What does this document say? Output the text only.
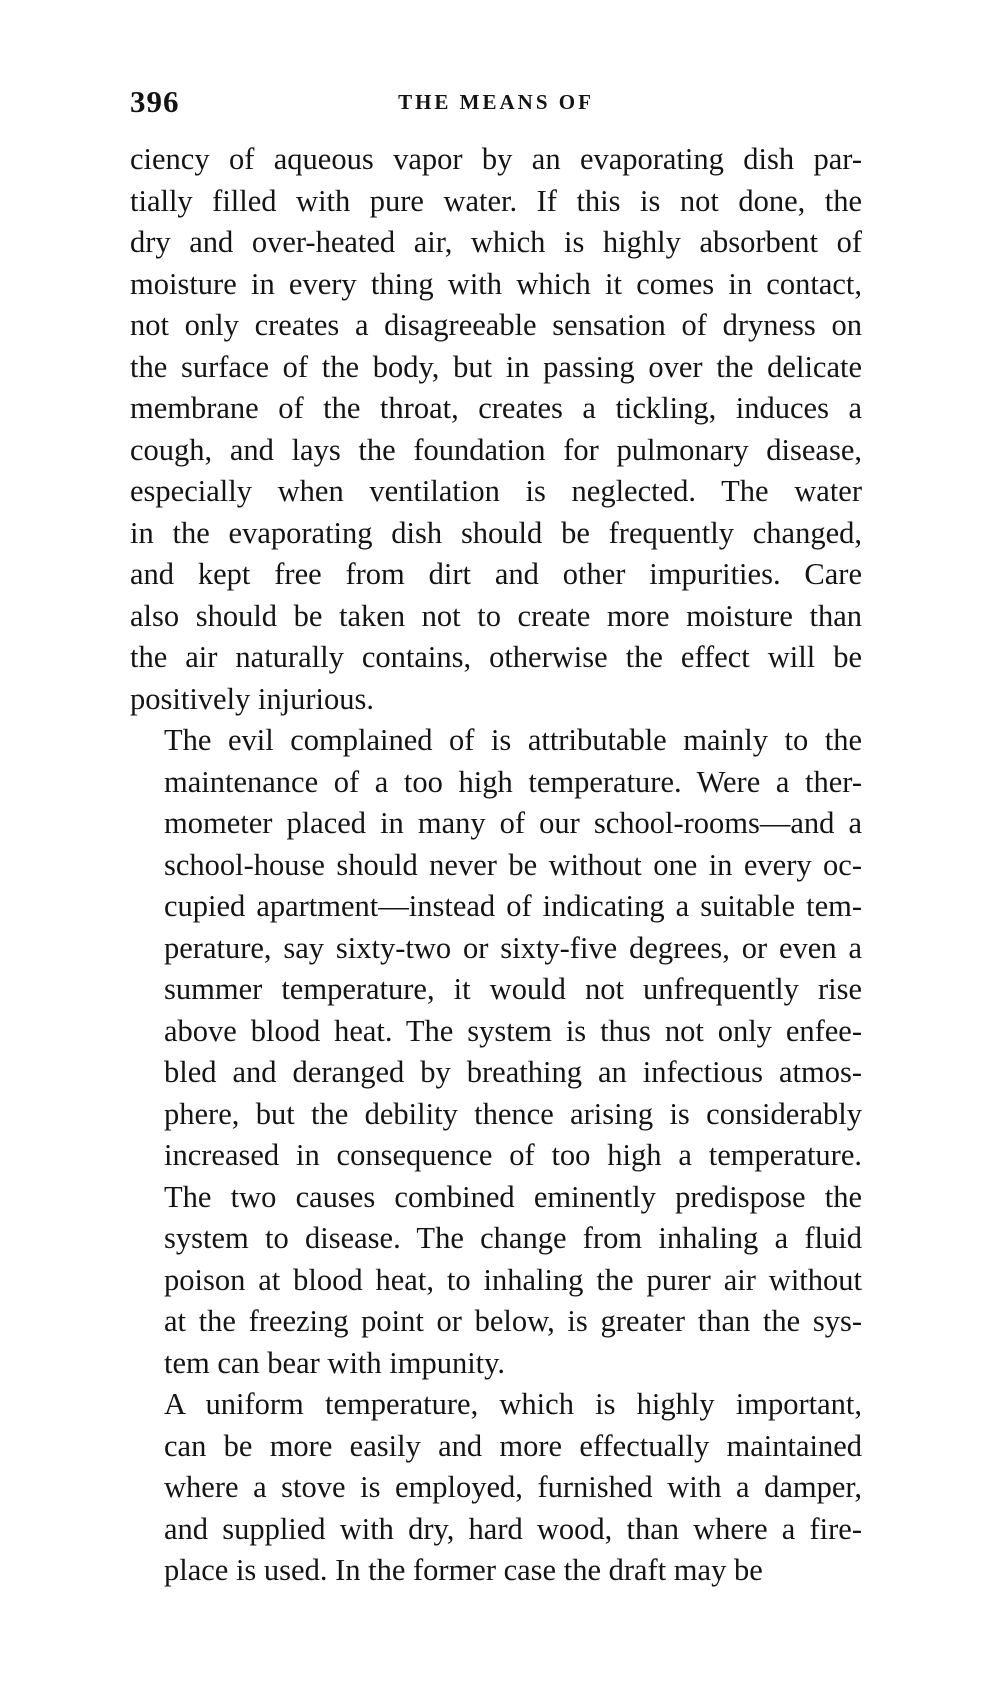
396	THE MEANS OF

ciency of aqueous vapor by an evaporating dish par-
tially filled with pure water. If this is not done, the
dry and over-heated air, which is highly absorbent of
moisture in every thing with which it comes in contact,
not only creates a disagreeable sensation of dryness on
the surface of the body, but in passing over the delicate
membrane of the throat, creates a tickling, induces a
cough, and lays the foundation for pulmonary disease,
especially when ventilation is neglected. The water
in the evaporating dish should be frequently changed,
and kept free from dirt and other impurities. Care
also should be taken not to create more moisture than
the air naturally contains, otherwise the effect will be
positively injurious.

The evil complained of is attributable mainly to the
maintenance of a too high temperature. Were a ther-
mometer placed in many of our school-rooms—and a
school-house should never be without one in every oc-
cupied apartment—instead of indicating a suitable tem-
perature, say sixty-two or sixty-five degrees, or even a
summer temperature, it would not unfrequently rise
above blood heat. The system is thus not only enfee-
bled and deranged by breathing an infectious atmos-
phere, but the debility thence arising is considerably
increased in consequence of too high a temperature.
The two causes combined eminently predispose the
system to disease. The change from inhaling a fluid
poison at blood heat, to inhaling the purer air without
at the freezing point or below, is greater than the sys-
tem can bear with impunity.

A uniform temperature, which is highly important,
can be more easily and more effectually maintained
where a stove is employed, furnished with a damper,
and supplied with dry, hard wood, than where a fire-
place is used. In the former case the draft may be
